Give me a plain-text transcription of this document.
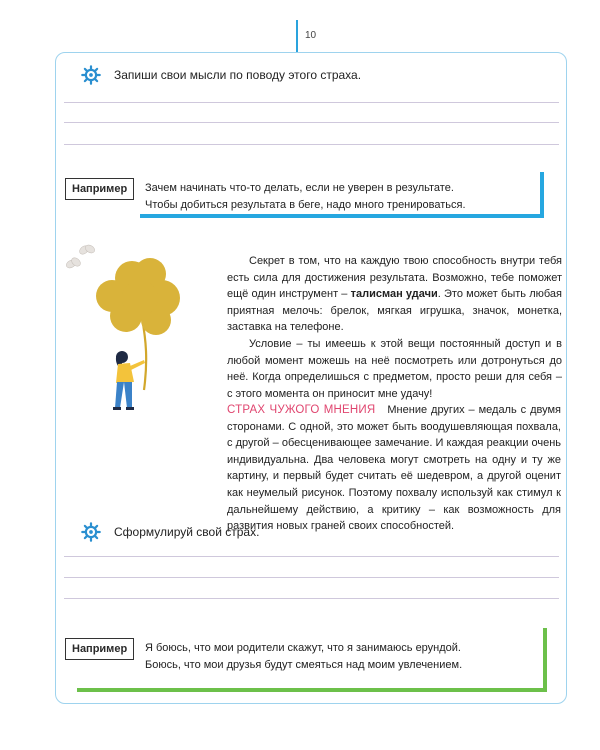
10
Запиши свои мысли по поводу этого страха.
Например	Зачем начинать что-то делать, если не уверен в результате.
Чтобы добиться результата в беге, надо много тренироваться.

Секрет в том, что на каждую твою способность внутри тебя есть сила для достижения результата. Возможно, тебе поможет ещё один инструмент – талисман удачи. Это может быть любая приятная мелочь: брелок, мягкая игрушка, значок, монетка, заставка на телефоне.

Условие – ты имеешь к этой вещи постоянный доступ и в любой момент можешь на неё посмотреть или дотронуться до неё. Когда определишься с предметом, просто реши для себя – с этого момента он приносит мне удачу!

СТРАХ ЧУЖОГО МНЕНИЯ Мнение других – медаль с двумя сторонами. С одной, это может быть воодушевляющая похвала, с другой – обесценивающее замечание. И каждая реакции очень индивидуальна. Два человека могут смотреть на одну и ту же картину, и первый будет считать её шедевром, а другой оценит как неумелый рисунок. Поэтому похвалу используй как стимул к дальнейшему действию, а критику – как возможность для развития новых граней своих способностей.

Сформулируй свой страх.
Например	Я боюсь, что мои родители скажут, что я занимаюсь ерундой.
Боюсь, что мои друзья будут смеяться над моим увлечением.
